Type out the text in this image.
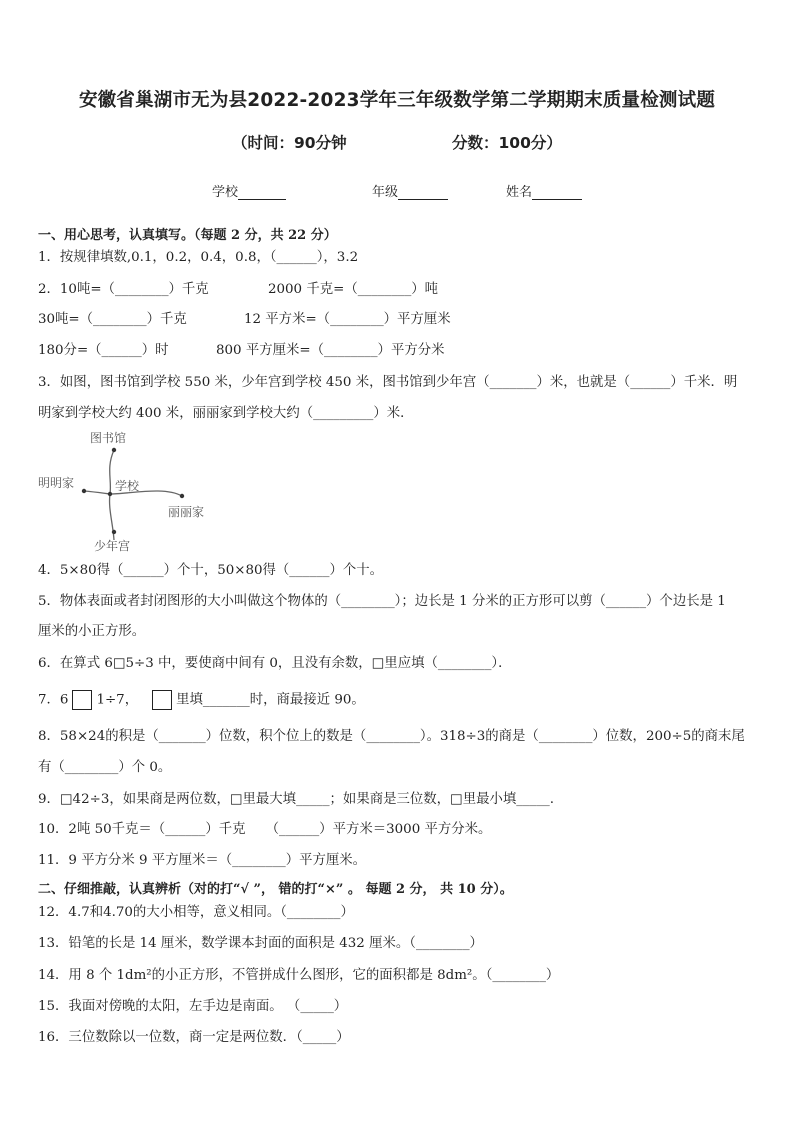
安徽省巢湖市无为县2022-2023学年三年级数学第二学期期末质量检测试题
（时间：90分钟	分数：100分）
学校	年级	姓名
一、用心思考，认真填写。（每题 2 分，共 22 分）
1．按规律填数,0.1，0.2，0.4，0.8，（______），3.2
2．10吨=（________）千克	2000 千克=（________）吨
30吨=（________）千克	12 平方米=（________）平方厘米
180分=（______）时	800 平方厘米=（________）平方分米
3．如图，图书馆到学校 550 米，少年宫到学校 450 米，图书馆到少年宫（_______）米，也就是（______）千米．明
明家到学校大约 400 米，丽丽家到学校大约（_________）米．
图书馆
明明家	学校
丽丽家
少年宫
4．5×80得（______）个十，50×80得（______）个十。
5．物体表面或者封闭图形的大小叫做这个物体的（________）；边长是 1 分米的正方形可以剪（______）个边长是 1
厘米的小正方形。
6．在算式 6□5÷3 中，要使商中间有 0，且没有余数，□里应填（________）．
7．6 1÷7，	里填_______时，商最接近 90。
8．58×24的积是（_______）位数，积个位上的数是（________）。318÷3的商是（________）位数，200÷5的商末尾
有（________）个 0。
9．□42÷3，如果商是两位数，□里最大填_____；如果商是三位数，□里最小填_____.
10．2吨 50千克＝（______）千克　　（______）平方米＝3000 平方分米。
11．9 平方分米 9 平方厘米＝（________）平方厘米。
二、仔细推敲，认真辨析（对的打“√ ”， 错的打“×” 。 每题 2 分， 共 10 分）。
12．4.7和4.70的大小相等，意义相同。（________）
13．铅笔的长是 14 厘米，数学课本封面的面积是 432 厘米。（________）
14．用 8 个 1dm²的小正方形，不管拼成什么图形，它的面积都是 8dm²。（________）
15．我面对傍晚的太阳，左手边是南面。 （_____）
16．三位数除以一位数，商一定是两位数．（_____）
